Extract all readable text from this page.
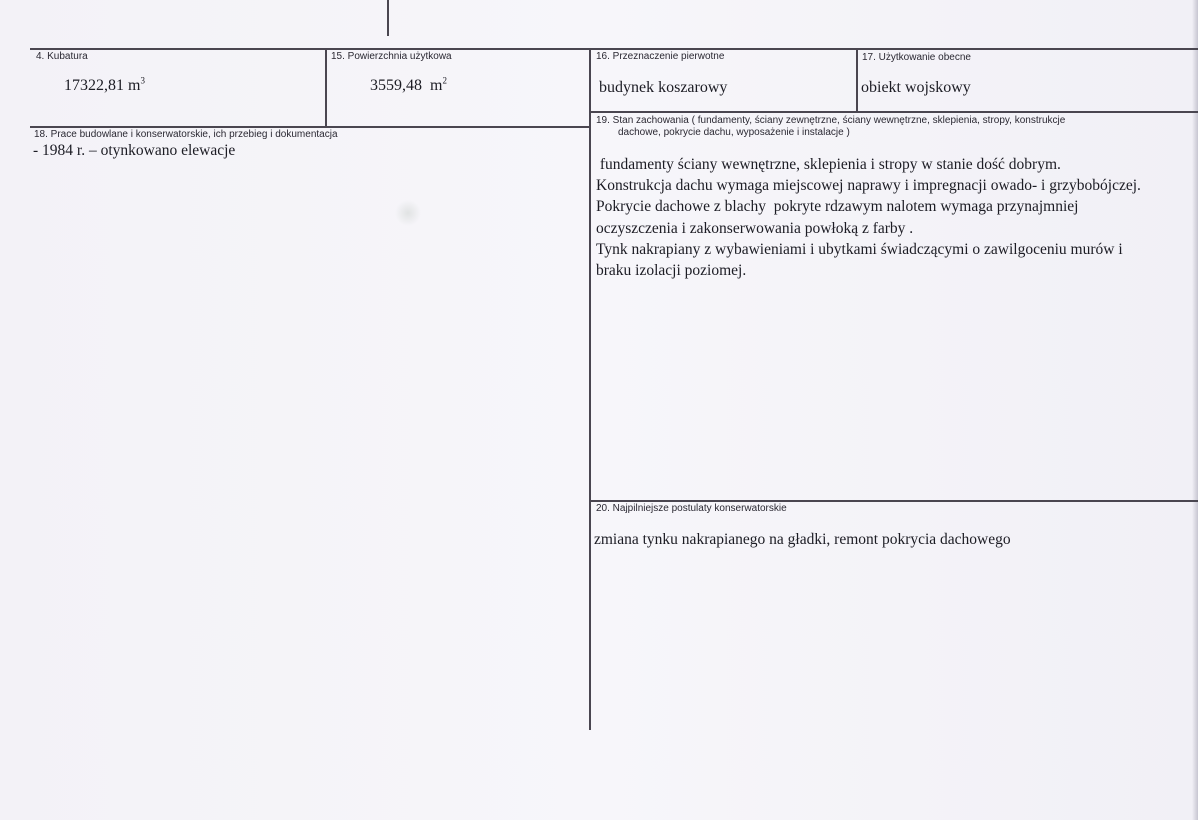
4. Kubatura
17322,81 $m^3$
15. Powierzchnia użytkowa
3559,48  $m^2$
16. Przeznaczenie pierwotne
budynek koszarowy
17. Użytkowanie obecne
obiekt wojskowy
18. Prace budowlane i konserwatorskie, ich przebieg i dokumentacja
- 1984 r. – otynkowano elewacje
19. Stan zachowania ( fundamenty, ściany zewnętrzne, ściany wewnętrzne, sklepienia, stropy, konstrukcje
dachowe, pokrycie dachu, wyposażenie i instalacje )
fundamenty ściany wewnętrzne, sklepienia i stropy w stanie dość dobrym.
Konstrukcja dachu wymaga miejscowej naprawy i impregnacji owado- i grzybobójczej.
Pokrycie dachowe z blachy  pokryte rdzawym nalotem wymaga przynajmniej
oczyszczenia i zakonserwowania powłoką z farby .
Tynk nakrapiany z wybawieniami i ubytkami świadczącymi o zawilgoceniu murów i
braku izolacji poziomej.
20. Najpilniejsze postulaty konserwatorskie
zmiana tynku nakrapianego na gładki, remont pokrycia dachowego
